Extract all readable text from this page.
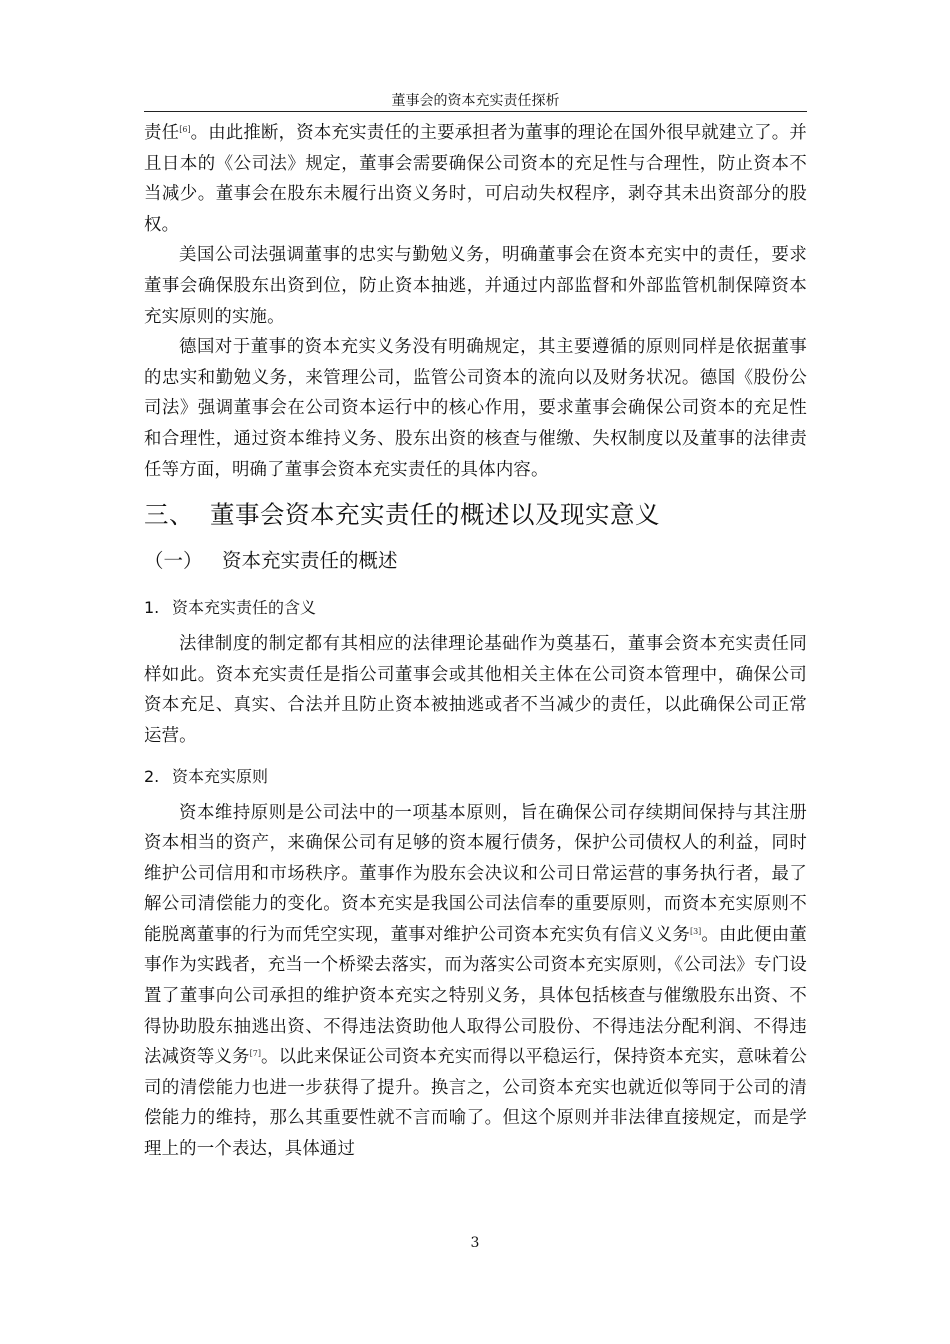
董事会的资本充实责任探析

责任[6]。由此推断，资本充实责任的主要承担者为董事的理论在国外很早就建立了。并且日本的《公司法》规定，董事会需要确保公司资本的充足性与合理性，防止资本不当减少。董事会在股东未履行出资义务时，可启动失权程序，剥夺其未出资部分的股权。

美国公司法强调董事的忠实与勤勉义务，明确董事会在资本充实中的责任，要求董事会确保股东出资到位，防止资本抽逃，并通过内部监督和外部监管机制保障资本充实原则的实施。

德国对于董事的资本充实义务没有明确规定，其主要遵循的原则同样是依据董事的忠实和勤勉义务，来管理公司，监管公司资本的流向以及财务状况。德国《股份公司法》强调董事会在公司资本运行中的核心作用，要求董事会确保公司资本的充足性和合理性，通过资本维持义务、股东出资的核查与催缴、失权制度以及董事的法律责任等方面，明确了董事会资本充实责任的具体内容。

三、 董事会资本充实责任的概述以及现实意义
（一） 资本充实责任的概述
1. 资本充实责任的含义

法律制度的制定都有其相应的法律理论基础作为奠基石，董事会资本充实责任同样如此。资本充实责任是指公司董事会或其他相关主体在公司资本管理中，确保公司资本充足、真实、合法并且防止资本被抽逃或者不当减少的责任，以此确保公司正常运营。

2. 资本充实原则

资本维持原则是公司法中的一项基本原则，旨在确保公司存续期间保持与其注册资本相当的资产，来确保公司有足够的资本履行债务，保护公司债权人的利益，同时维护公司信用和市场秩序。董事作为股东会决议和公司日常运营的事务执行者，最了解公司清偿能力的变化。资本充实是我国公司法信奉的重要原则，而资本充实原则不能脱离董事的行为而凭空实现，董事对维护公司资本充实负有信义义务[3]。由此便由董事作为实践者，充当一个桥梁去落实，而为落实公司资本充实原则，《公司法》专门设置了董事向公司承担的维护资本充实之特别义务，具体包括核查与催缴股东出资、不得协助股东抽逃出资、不得违法资助他人取得公司股份、不得违法分配利润、不得违法减资等义务[7]。以此来保证公司资本充实而得以平稳运行，保持资本充实，意味着公司的清偿能力也进一步获得了提升。换言之，公司资本充实也就近似等同于公司的清偿能力的维持，那么其重要性就不言而喻了。但这个原则并非法律直接规定，而是学理上的一个表达，具体通过

3
